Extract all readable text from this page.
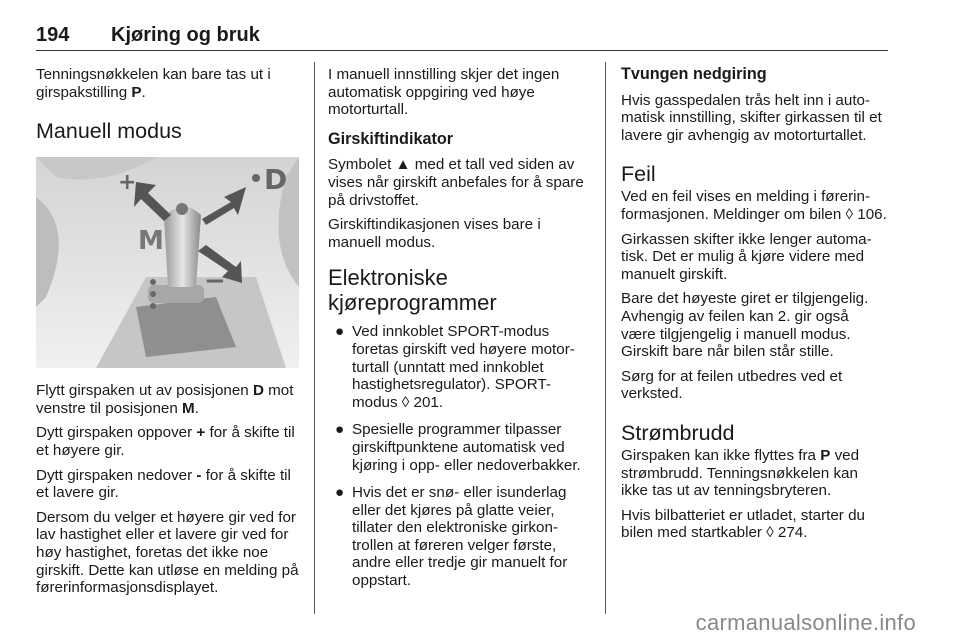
194 Kjøring og bruk

Tenningsnøkkelen kan bare tas ut i girspakstilling P.

Manuell modus
+
−
D
M

Flytt girspaken ut av posisjonen D mot venstre til posisjonen M.

Dytt girspaken oppover + for å skifte til et høyere gir.

Dytt girspaken nedover - for å skifte til et lavere gir.

Dersom du velger et høyere gir ved for lav hastighet eller et lavere gir ved for høy hastighet, foretas det ikke noe girskift. Dette kan utløse en melding på førerinformasjonsdisplayet.

I manuell innstilling skjer det ingen automatisk oppgiring ved høye motorturtall.

Girskiftindikator

Symbolet ▲ med et tall ved siden av vises når girskift anbefales for å spare på drivstoffet.

Girskiftindikasjonen vises bare i manuell modus.

Elektroniske kjøreprogrammer
● Ved innkoblet SPORT-modus foretas girskift ved høyere motorturtall (unntatt med innkoblet hastighetsregulator). SPORT-modus ◊ 201.
● Spesielle programmer tilpasser girskiftpunktene automatisk ved kjøring i opp- eller nedoverbakker.
● Hvis det er snø- eller isunderlag eller det kjøres på glatte veier, tillater den elektroniske girkontrollen at føreren velger første, andre eller tredje gir manuelt for oppstart.
Tvungen nedgiring

Hvis gasspedalen trås helt inn i automatisk innstilling, skifter girkassen til et lavere gir avhengig av motorturtallet.

Feil

Ved en feil vises en melding i førerinformasjonen. Meldinger om bilen ◊ 106.

Girkassen skifter ikke lenger automatisk. Det er mulig å kjøre videre med manuelt girskift.

Bare det høyeste giret er tilgjengelig. Avhengig av feilen kan 2. gir også være tilgjengelig i manuell modus. Girskift bare når bilen står stille.

Sørg for at feilen utbedres ved et verksted.

Strømbrudd

Girspaken kan ikke flyttes fra P ved strømbrudd. Tenningsnøkkelen kan ikke tas ut av tenningsbryteren.

Hvis bilbatteriet er utladet, starter du bilen med startkabler ◊ 274.

carmanualsonline.info
